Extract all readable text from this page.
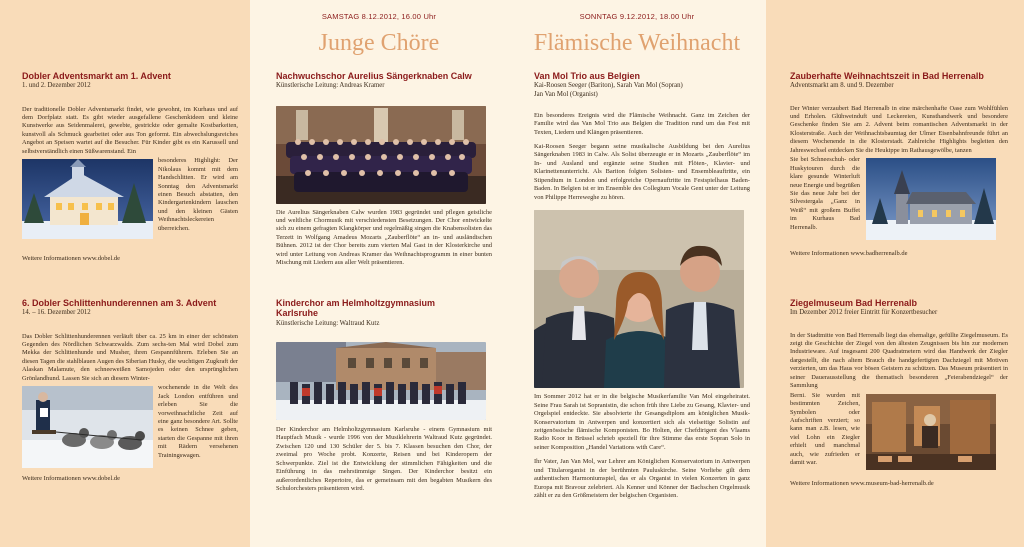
Dobler Adventsmarkt am 1. Advent

1. und 2. Dezember 2012

Der traditionelle Dobler Adventsmarkt findet, wie gewohnt, im Kurhaus und auf dem Dorfplatz statt. Es gibt wieder ausgefallene Geschenkideen und kleine Kunstwerke aus Seidenmalerei, gewebte, gestrickte oder gemalte Kostbarkeiten, kunstvoll als Schmuck gearbeitet oder aus Ton geformt. Ein abwechslungsreiches Angebot an Speisen wartet auf die Besucher. Für Kinder gibt es ein Karussell und selbstverständlich einen Süßwarenstand. Ein

besonderes Highlight: Der Nikolaus kommt mit dem Handschlitten. Er wird am Sonntag den Adventsmarkt einen Besuch abstatten, den Kindergartenkindern lauschen und den kleinen Gästen Weihnachtsleckereien überreichen.

Weitere Informationen www.dobel.de

6. Dobler Schlittenhunderennen am 3. Advent

14. – 16. Dezember 2012

Das Dobler Schlittenhunderennen verläuft über ca. 25 km in einer der schönsten Gegenden des Nördlichen Schwarzwalds. Zum sechs-ten Mal wird Dobel zum Mekka der Schlittenhunde und Musher, ihren Gespannführern. Erleben Sie an diesen Tagen die stahlblauen Augen des Siberian Husky, die wuchtigen Zugkraft der Alaskan Malamute, den schneeweißen Samojeden oder den ursprünglichen Grönlandhund. Lassen Sie sich an diesem Winter-

wochenende in die Welt des Jack London entführen und erleben Sie die vorweihnachtliche Zeit auf eine ganz besondere Art. Sollte es keinen Schnee geben, starten die Gespanne mit ihren mit Rädern versehenen Trainingswagen.

Weitere Informationen www.dobel.de

SAMSTAG 8.12.2012, 16.00 Uhr
Junge Chöre
Nachwuchschor Aurelius Sängerknaben Calw

Künstlerische Leitung: Andreas Kramer

Die Aurelius Sängerknaben Calw wurden 1983 gegründet und pflegen geistliche und weltliche Chormusik mit verschiedensten Besetzungen. Der Chor entwickelte sich zu einem gefragten Klangkörper und regelmäßig singen die Knabensolisten das Terzett in Wolfgang Amadeus Mozarts „Zauberflöte“ an in- und ausländischen Bühnen. 2012 ist der Chor bereits zum vierten Mal Gast in der Klosterkirche und wird unter Leitung von Andreas Kramer das Weihnachtsprogramm in einer bunten Mischung mit Liedern aus aller Welt präsentieren.

Kinderchor am Helmholtzgymnasium Karlsruhe

Künstlerische Leitung: Waltraud Kutz

Der Kinderchor am Helmholtzgymnasium Karlsruhe - einem Gymnasium mit Hauptfach Musik - wurde 1996 von der Musiklehrerin Waltraud Kutz gegründet. Zwischen 120 und 130 Schüler der 5. bis 7. Klassen besuchen den Chor, der zweimal pro Woche probt. Konzerte, Reisen und bei Kinderopern der Schwerpunkte. Ziel ist die Entwicklung der stimmlichen Fähigkeiten und die Einführung in das mehrstimmige Singen. Der Kinderchor besitzt ein außerordentliches Repertoire, das er gemeinsam mit den begabten Musikern des Schulorchesters präsentieren wird.

SONNTAG 9.12.2012, 18.00 Uhr
Flämische Weihnacht
Van Mol Trio aus Belgien

Kai-Roosen Seeger (Bariton), Sarah Van Mol (Sopran)

Jan Van Mol (Organist)

Ein besonderes Ereignis wird die Flämische Weihnacht. Ganz im Zeichen der Familie wird das Van Mol Trio aus Belgien die Tradition rund um das Fest mit Texten, Liedern und Klängen präsentieren.

Kai-Roosen Seeger begann seine musikalische Ausbildung bei den Aurelius Sängerknaben 1983 in Calw. Als Solist überzeugte er in Mozarts „Zauberflöte“ im In- und Ausland und ergänzte seine Studien mit Flöten-, Klavier- und Klarinettenunterricht. Als Bariton folgten Solisten- und Ensembleauftritte, ein Stipendium in London und erfolgreiche Opernauftritte im Festspielhaus Baden-Baden. In Belgien ist er im Ensemble des Collegium Vocale Gent unter der Leitung von Philippe Herreweghe zu hören.

Im Sommer 2012 hat er in die belgische Musikerfamilie Van Mol eingeheiratet. Seine Frau Sarah ist Sopranistin, die schon früh ihre Liebe zu Gesang, Klavier- und Orgelspiel entdeckte. Sie absolvierte ihr Gesangsdiplom am königlichen Musik-Konservatorium in Antwerpen und konzertiert sich als vielseitige Solistin auf zeitgenössische flämische Komponisten. Bo Holten, der Chefdirigent des Vlaams Radio Koor in Brüssel schrieb speziell für ihre Stimme das erste Sopran Solo in seiner Komposition „Handel Variations with Care“.

Ihr Vater, Jan Van Mol, war Lehrer am Königlichen Konservatorium in Antwerpen und Titularorganist in der berühmten Pauluskirche. Seine Vorliebe gilt dem authentischen Harmoniumspiel, das er als Organist in vielen Konzerten in ganz Europa mit Bravour zelebriert. Als Kenner und Könner der Bachschen Orgelmusik zählt er zu den Größmeistern der belgischen Organisten.

Zauberhafte Weihnachtszeit in Bad Herrenalb

Adventsmarkt am 8. und 9. Dezember

Der Winter verzaubert Bad Herrenalb in eine märchenhafte Oase zum Wohlfühlen und Erholen. Glühweinduft und Leckereien, Kunsthandwerk und besondere Geschenke finden Sie am 2. Advent beim romantischen Adventsmarkt in der Klosterstraße. Auch der Weihnachtsbaumtag der Ulmer Eisenbahnfreunde führt an diesem Wochenende in die Klosterstadt. Zahlreiche Highlights begleiten den Jahreswechsel entdecken Sie die Heukippe im Rathausgewölbe, tanzen

Sie bei Schneeschuh- oder Huskytouren durch die klare gesunde Winterluft neue Energie und begrüßen Sie das neue Jahr bei der Silvestergala „Ganz in Weiß“ mit großem Buffet im Kurhaus Bad Herrenalb.

Weitere Informationen www.badherrenalb.de

Ziegelmuseum Bad Herrenalb

Im Dezember 2012 freier Eintritt für Konzertbesucher

In der Stadtmitte von Bad Herrenalb liegt das ehemalige, gefüllte Ziegelmuseum. Es zeigt die Geschichte der Ziegel von den ältesten Zeugnissen bis hin zur modernen Industrieware. Auf insgesamt 200 Quadratmetern wird das Handwerk der Ziegler dargestellt, die nach altem Brauch die handgefertigten Dachziegel mit Motiven verzierten, um das Haus vor bösen Geistern zu schützen. Das Museum präsentiert in seiner Dauerausstellung die thematisch besonderen „Feierabendziegel“ der Sammlung

Berni. Sie wurden mit bestimmten Zeichen, Symbolen oder Aufschriften verziert; so kann man z.B. lesen, wie viel Lohn ein Ziegler erhielt und manchmal auch, wie zufrieden er damit war.

Weitere Informationen www.museum-bad-herrenalb.de
